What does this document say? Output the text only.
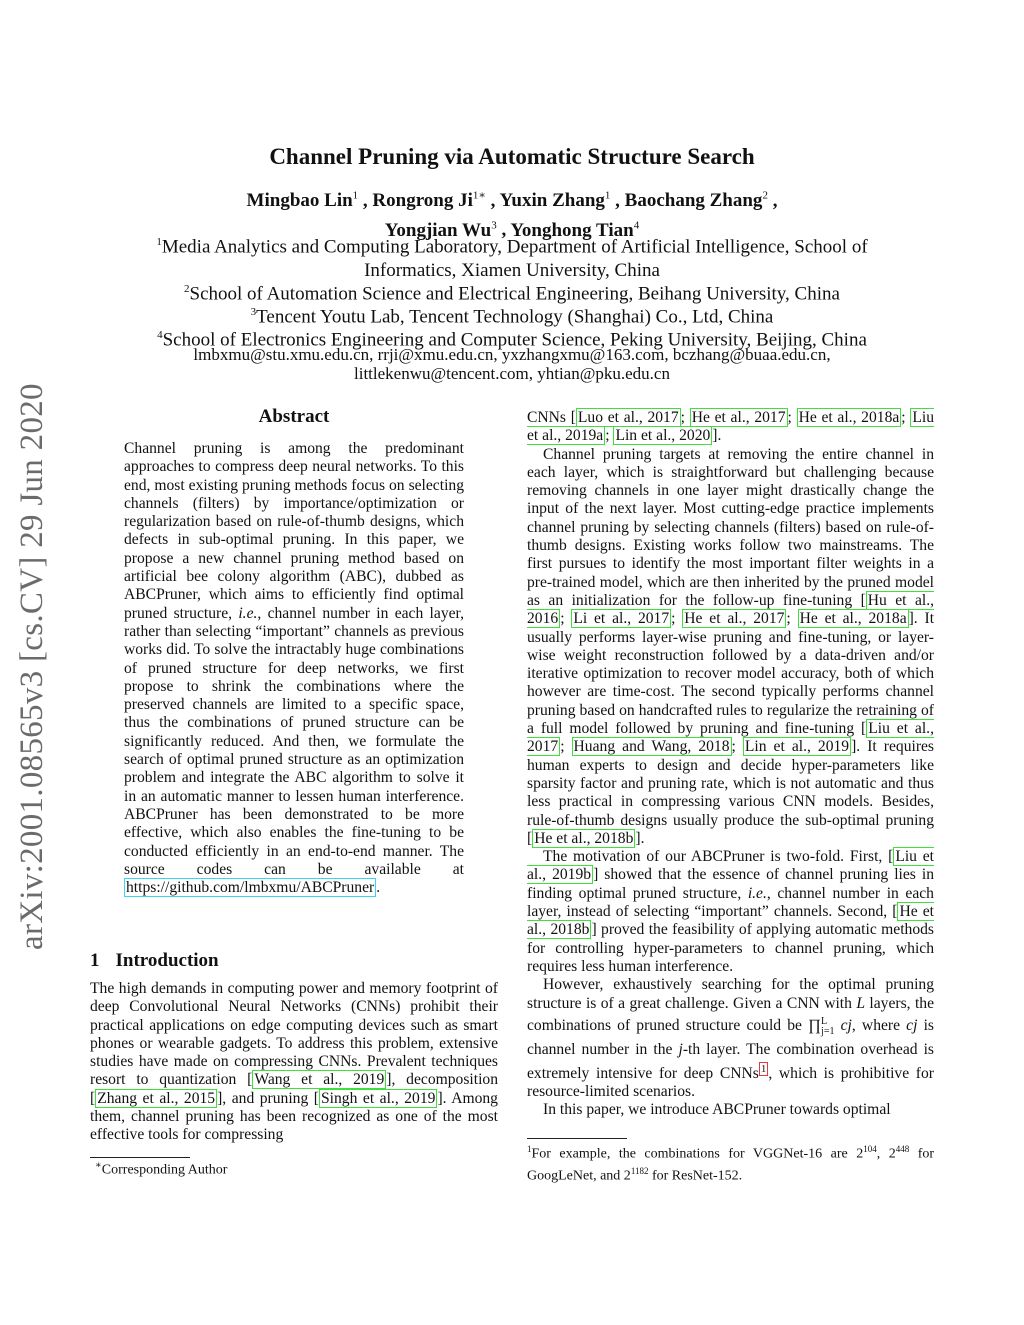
arXiv:2001.08565v3 [cs.CV] 29 Jun 2020
Channel Pruning via Automatic Structure Search
Mingbao Lin$^1$ , Rongrong $Ji^{1∗}$ , Yuxin Zhang$^1$ , Baochang Zhang$^2$ ,
Yongjian Wu$^3$ , Yonghong Tian$^4$
$^1$Media Analytics and Computing Laboratory, Department of Artificial Intelligence, School of Informatics, Xiamen University, China
$^2$School of Automation Science and Electrical Engineering, Beihang University, China
$^3$Tencent Youtu Lab, Tencent Technology (Shanghai) Co., Ltd, China
$^4$School of Electronics Engineering and Computer Science, Peking University, Beijing, China
lmbxmu@stu.xmu.edu.cn, rrji@xmu.edu.cn, yxzhangxmu@163.com, bczhang@buaa.edu.cn,
littlekenwu@tencent.com, yhtian@pku.edu.cn
Abstract
Channel pruning is among the predominant approaches to compress deep neural networks. To this end, most existing pruning methods focus on selecting channels (filters) by importance/optimization or regularization based on rule-of-thumb designs, which defects in sub-optimal pruning. In this paper, we propose a new channel pruning method based on artificial bee colony algorithm (ABC), dubbed as ABCPruner, which aims to efficiently find optimal pruned structure, i.e., channel number in each layer, rather than selecting “important” channels as previous works did. To solve the intractably huge combinations of pruned structure for deep networks, we first propose to shrink the combinations where the preserved channels are limited to a specific space, thus the combinations of pruned structure can be significantly reduced. And then, we formulate the search of optimal pruned structure as an optimization problem and integrate the ABC algorithm to solve it in an automatic manner to lessen human interference. ABCPruner has been demonstrated to be more effective, which also enables the fine-tuning to be conducted efficiently in an end-to-end manner. The source codes can be available at https://github.com/lmbxmu/ABCPruner .
1 Introduction

The high demands in computing power and memory footprint of deep Convolutional Neural Networks (CNNs) prohibit their practical applications on edge computing devices such as smart phones or wearable gadgets. To address this problem, extensive studies have made on compressing CNNs. Prevalent techniques resort to quantization [ Wang et al., 2019 ], decomposition [ Zhang et al., 2015 ], and pruning [ Singh et al., 2019 ]. Among them, channel pruning has been recognized as one of the most effective tools for compressing

CNNs [ Luo et al., 2017 ; He et al., 2017 ; He et al., 2018a ; Liu et al., 2019a ; Lin et al., 2020 ].

Channel pruning targets at removing the entire channel in each layer, which is straightforward but challenging because removing channels in one layer might drastically change the input of the next layer. Most cutting-edge practice implements channel pruning by selecting channels (filters) based on rule-of-thumb designs. Existing works follow two mainstreams. The first pursues to identify the most important filter weights in a pre-trained model, which are then inherited by the pruned model as an initialization for the follow-up fine-tuning [ Hu et al., 2016 ; Li et al., 2017 ; He et al., 2017 ; He et al., 2018a ]. It usually performs layer-wise pruning and fine-tuning, or layer-wise weight reconstruction followed by a data-driven and/or iterative optimization to recover model accuracy, both of which however are time-cost. The second typically performs channel pruning based on handcrafted rules to regularize the retraining of a full model followed by pruning and fine-tuning [ Liu et al., 2017 ; Huang and Wang, 2018 ; Lin et al., 2019 ]. It requires human experts to design and decide hyper-parameters like sparsity factor and pruning rate, which is not automatic and thus less practical in compressing various CNN models. Besides, rule-of-thumb designs usually produce the sub-optimal pruning [ He et al., 2018b ].

The motivation of our ABCPruner is two-fold. First, [ Liu et al., 2019b ] showed that the essence of channel pruning lies in finding optimal pruned structure, i.e., channel number in each layer, instead of selecting “important” channels. Second, [ He et al., 2018b ] proved the feasibility of applying automatic methods for controlling hyper-parameters to channel pruning, which requires less human interference.

However, exhaustively searching for the optimal pruning structure is of a great challenge. Given a CNN with L layers, the combinations of pruned structure could be ∏$^L_{j=1}$ cj, where cj is channel number in the j-th layer. The combination overhead is extremely intensive for deep CNNs $^1$ , which is prohibitive for resource-limited scenarios.

In this paper, we introduce ABCPruner towards optimal

∗Corresponding Author
$^1$For example, the combinations for VGGNet-16 are $2^{104}$, $2^{448}$ for GoogLeNet, and $2^{1182}$ for ResNet-152.
